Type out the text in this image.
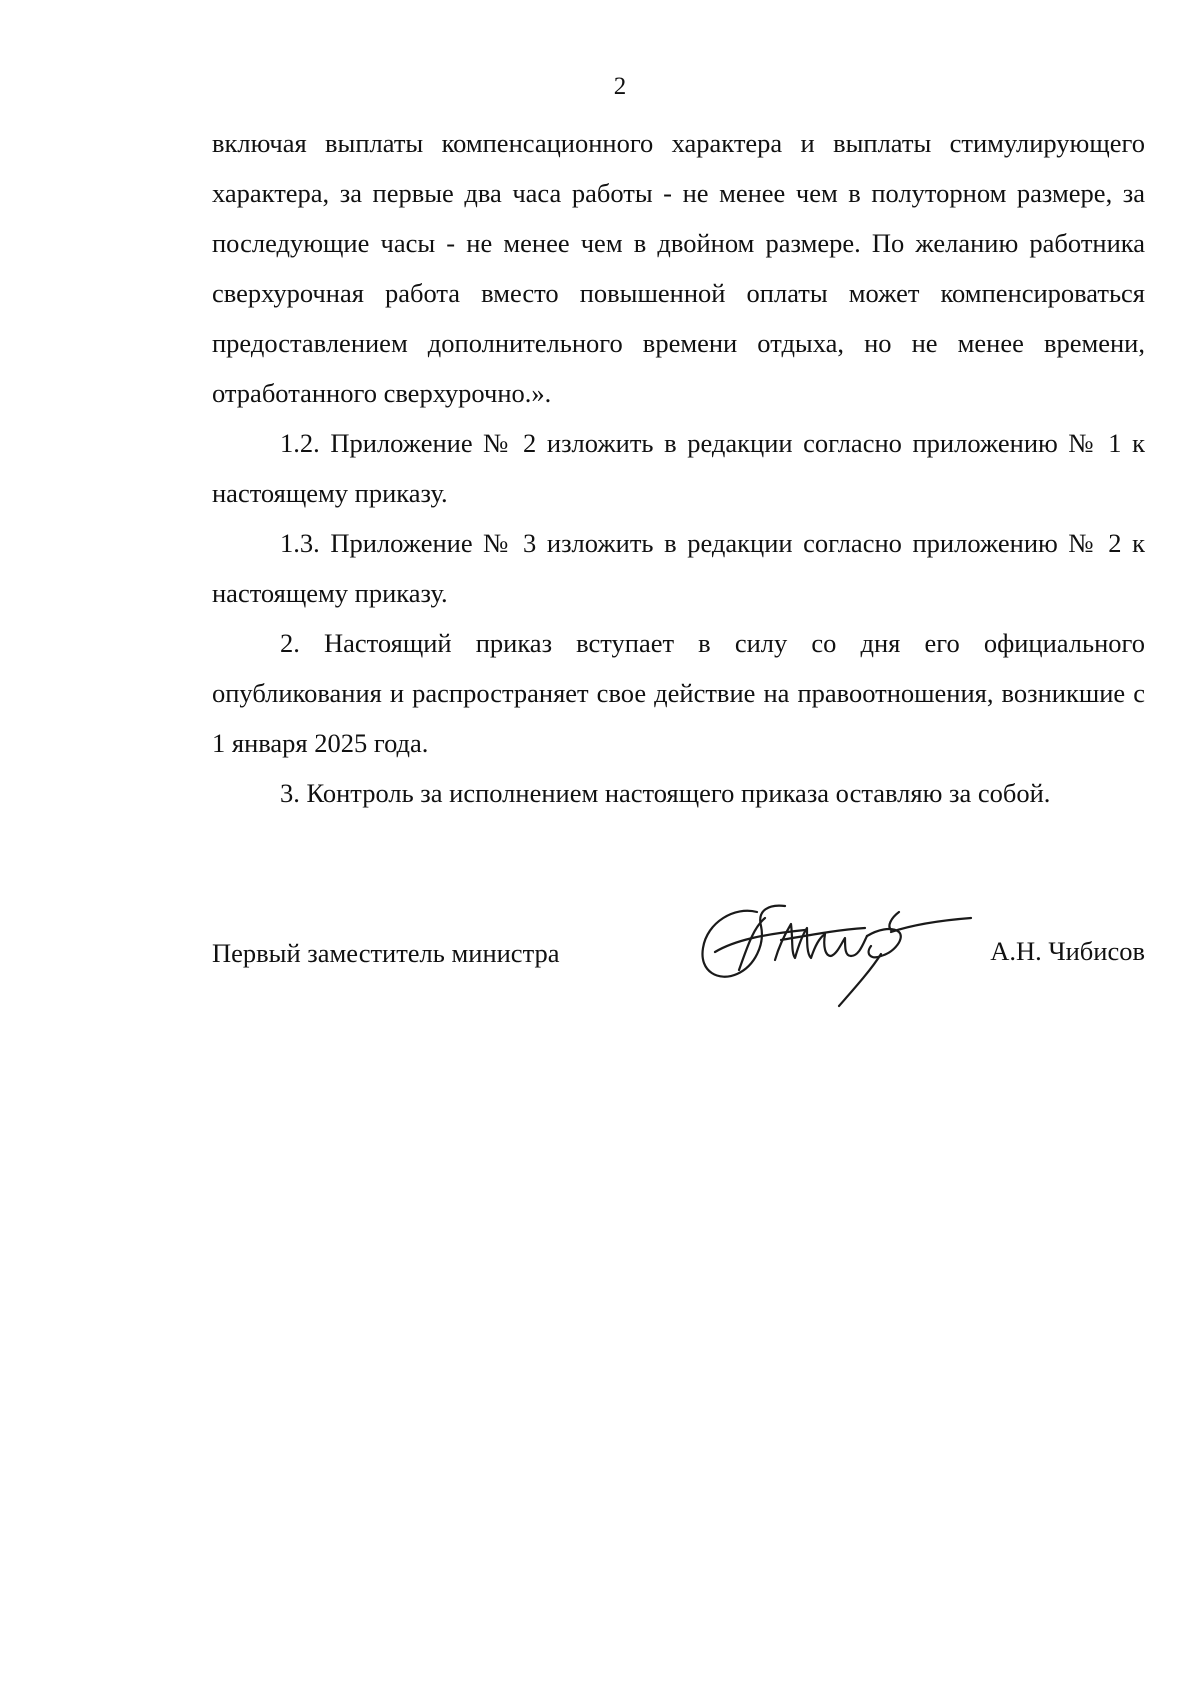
2

включая выплаты компенсационного характера и выплаты стимулирующего характера, за первые два часа работы - не менее чем в полуторном размере, за последующие часы - не менее чем в двойном размере. По желанию работника сверхурочная работа вместо повышенной оплаты может компенсироваться предоставлением дополнительного времени отдыха, но не менее времени, отработанного сверхурочно.».

1.2. Приложение № 2 изложить в редакции согласно приложению № 1 к настоящему приказу.

1.3. Приложение № 3 изложить в редакции согласно приложению № 2 к настоящему приказу.

2. Настоящий приказ вступает в силу со дня его официального опубликования и распространяет свое действие на правоотношения, возникшие с 1 января 2025 года.

3. Контроль за исполнением настоящего приказа оставляю за собой.

Первый заместитель министра	А.Н. Чибисов
